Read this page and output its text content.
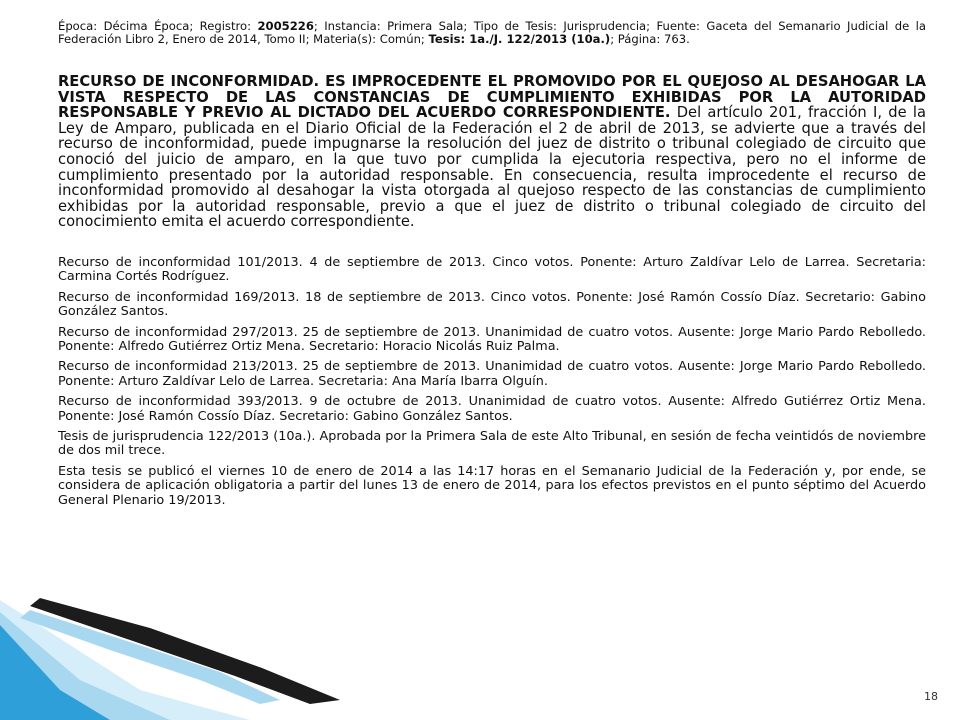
Época: Décima Época; Registro: 2005226; Instancia: Primera Sala; Tipo de Tesis: Jurisprudencia; Fuente: Gaceta del Semanario Judicial de la Federación Libro 2, Enero de 2014, Tomo II; Materia(s): Común; Tesis: 1a./J. 122/2013 (10a.); Página: 763.

RECURSO DE INCONFORMIDAD. ES IMPROCEDENTE EL PROMOVIDO POR EL QUEJOSO AL DESAHOGAR LA VISTA RESPECTO DE LAS CONSTANCIAS DE CUMPLIMIENTO EXHIBIDAS POR LA AUTORIDAD RESPONSABLE Y PREVIO AL DICTADO DEL ACUERDO CORRESPONDIENTE. Del artículo 201, fracción I, de la Ley de Amparo, publicada en el Diario Oficial de la Federación el 2 de abril de 2013, se advierte que a través del recurso de inconformidad, puede impugnarse la resolución del juez de distrito o tribunal colegiado de circuito que conoció del juicio de amparo, en la que tuvo por cumplida la ejecutoria respectiva, pero no el informe de cumplimiento presentado por la autoridad responsable. En consecuencia, resulta improcedente el recurso de inconformidad promovido al desahogar la vista otorgada al quejoso respecto de las constancias de cumplimiento exhibidas por la autoridad responsable, previo a que el juez de distrito o tribunal colegiado de circuito del conocimiento emita el acuerdo correspondiente.

Recurso de inconformidad 101/2013. 4 de septiembre de 2013. Cinco votos. Ponente: Arturo Zaldívar Lelo de Larrea. Secretaria: Carmina Cortés Rodríguez.

Recurso de inconformidad 169/2013. 18 de septiembre de 2013. Cinco votos. Ponente: José Ramón Cossío Díaz. Secretario: Gabino González Santos.

Recurso de inconformidad 297/2013. 25 de septiembre de 2013. Unanimidad de cuatro votos. Ausente: Jorge Mario Pardo Rebolledo. Ponente: Alfredo Gutiérrez Ortiz Mena. Secretario: Horacio Nicolás Ruiz Palma.

Recurso de inconformidad 213/2013. 25 de septiembre de 2013. Unanimidad de cuatro votos. Ausente: Jorge Mario Pardo Rebolledo. Ponente: Arturo Zaldívar Lelo de Larrea. Secretaria: Ana María Ibarra Olguín.

Recurso de inconformidad 393/2013. 9 de octubre de 2013. Unanimidad de cuatro votos. Ausente: Alfredo Gutiérrez Ortiz Mena. Ponente: José Ramón Cossío Díaz. Secretario: Gabino González Santos.

Tesis de jurisprudencia 122/2013 (10a.). Aprobada por la Primera Sala de este Alto Tribunal, en sesión de fecha veintidós de noviembre de dos mil trece.

Esta tesis se publicó el viernes 10 de enero de 2014 a las 14:17 horas en el Semanario Judicial de la Federación y, por ende, se considera de aplicación obligatoria a partir del lunes 13 de enero de 2014, para los efectos previstos en el punto séptimo del Acuerdo General Plenario 19/2013.

18
